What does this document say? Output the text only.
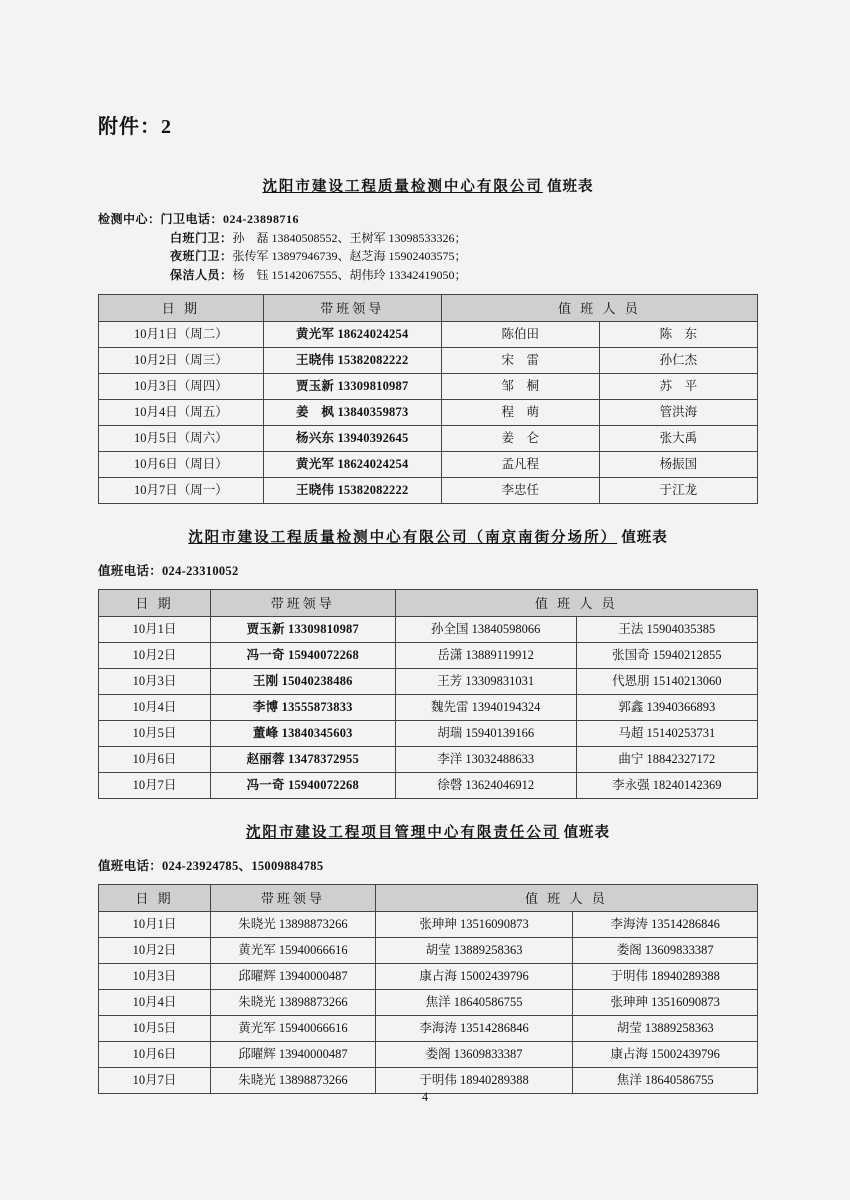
附件：2
沈阳市建设工程质量检测中心有限公司 值班表
检测中心：门卫电话：024-23898716
白班门卫：孙　磊 13840508552、王树军 13098533326；
夜班门卫：张传军 13897946739、赵芝海 15902403575；
保洁人员：杨　钰 15142067555、胡伟玲 13342419050；
日 期	带班领导	值 班 人 员	
10月1日（周二）	黄光军 18624024254	陈伯田	陈　东
10月2日（周三）	王晓伟 15382082222	宋　雷	孙仁杰
10月3日（周四）	贾玉新 13309810987	邹　桐	苏　平
10月4日（周五）	姜　枫 13840359873	程　萌	管洪海
10月5日（周六）	杨兴东 13940392645	姜　仑	张大禹
10月6日（周日）	黄光军 18624024254	孟凡程	杨振国
10月7日（周一）	王晓伟 15382082222	李忠任	于江龙
沈阳市建设工程质量检测中心有限公司（南京南街分场所） 值班表
值班电话：024-23310052
日 期	带班领导	值 班 人 员	
10月1日	贾玉新 13309810987	孙全国 13840598066	王法 15904035385
10月2日	冯一奇 15940072268	岳潇 13889119912	张国奇 15940212855
10月3日	王刚 15040238486	王芳 13309831031	代恩朋 15140213060
10月4日	李博 13555873833	魏先雷 13940194324	郭鑫 13940366893
10月5日	董峰 13840345603	胡瑞 15940139166	马超 15140253731
10月6日	赵丽蓉 13478372955	李洋 13032488633	曲宁 18842327172
10月7日	冯一奇 15940072268	徐磬 13624046912	李永强 18240142369
沈阳市建设工程项目管理中心有限责任公司 值班表
值班电话：024-23924785、15009884785
日 期	带班领导	值 班 人 员	
10月1日	朱晓光 13898873266	张珅珅 13516090873	李海涛 13514286846
10月2日	黄光军 15940066616	胡莹 13889258363	娄阁 13609833387
10月3日	邱曜辉 13940000487	康占海 15002439796	于明伟 18940289388
10月4日	朱晓光 13898873266	焦洋 18640586755	张珅珅 13516090873
10月5日	黄光军 15940066616	李海涛 13514286846	胡莹 13889258363
10月6日	邱曜辉 13940000487	娄阁 13609833387	康占海 15002439796
10月7日	朱晓光 13898873266	于明伟 18940289388	焦洋 18640586755
4
